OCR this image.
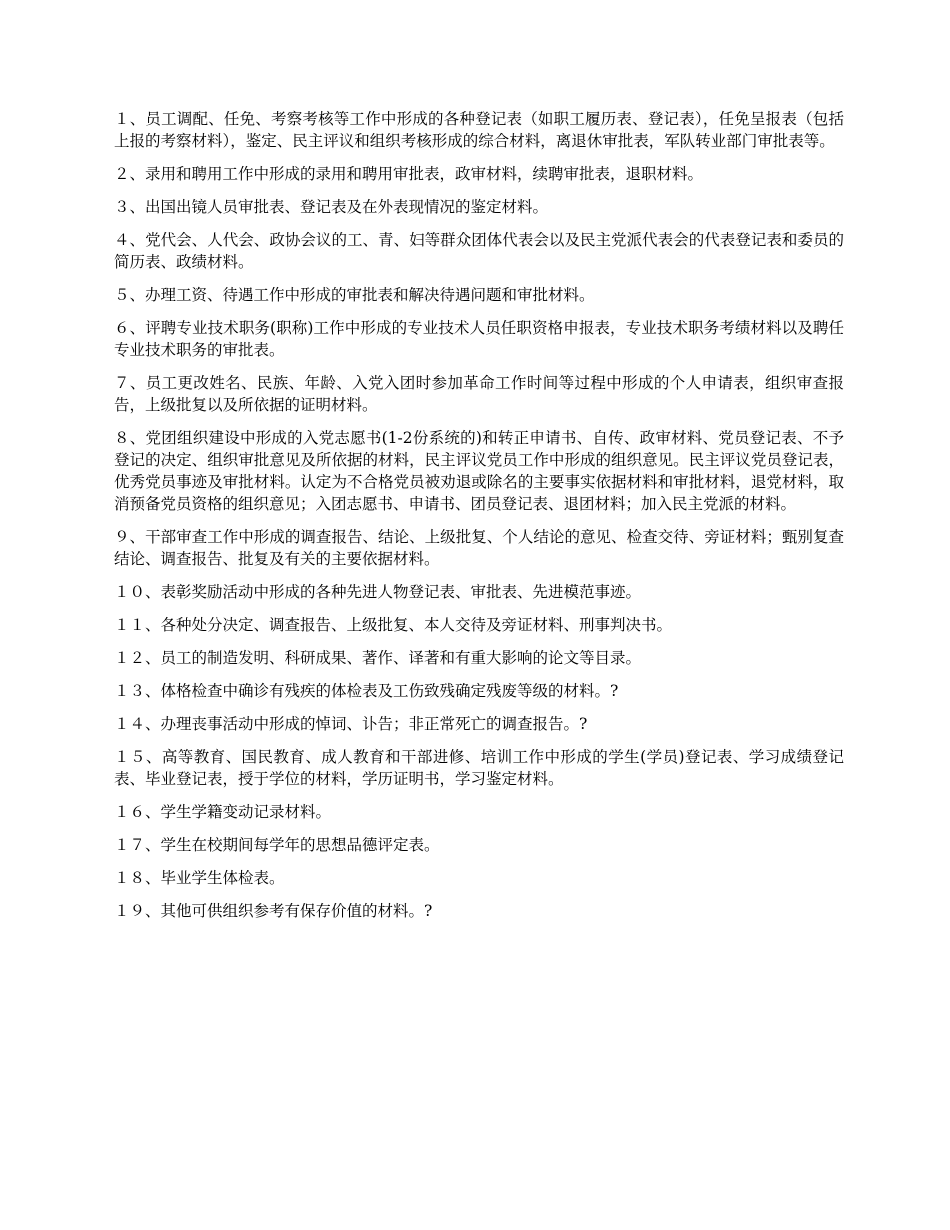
１、员工调配、任免、考察考核等工作中形成的各种登记表（如职工履历表、登记表），任免呈报表（包括上报的考察材料），鉴定、民主评议和组织考核形成的综合材料，离退休审批表，军队转业部门审批表等。

２、录用和聘用工作中形成的录用和聘用审批表，政审材料，续聘审批表，退职材料。

３、出国出镜人员审批表、登记表及在外表现情况的鉴定材料。

４、党代会、人代会、政协会议的工、青、妇等群众团体代表会以及民主党派代表会的代表登记表和委员的简历表、政绩材料。

５、办理工资、待遇工作中形成的审批表和解决待遇问题和审批材料。

６、评聘专业技术职务(职称)工作中形成的专业技术人员任职资格申报表，专业技术职务考绩材料以及聘任专业技术职务的审批表。

７、员工更改姓名、民族、年龄、入党入团时参加革命工作时间等过程中形成的个人申请表，组织审查报告，上级批复以及所依据的证明材料。

８、党团组织建设中形成的入党志愿书(1-2份系统的)和转正申请书、自传、政审材料、党员登记表、不予登记的决定、组织审批意见及所依据的材料，民主评议党员工作中形成的组织意见。民主评议党员登记表，优秀党员事迹及审批材料。认定为不合格党员被劝退或除名的主要事实依据材料和审批材料，退党材料，取消预备党员资格的组织意见；入团志愿书、申请书、团员登记表、退团材料；加入民主党派的材料。

９、干部审查工作中形成的调查报告、结论、上级批复、个人结论的意见、检查交待、旁证材料；甄别复查结论、调查报告、批复及有关的主要依据材料。

１０、表彰奖励活动中形成的各种先进人物登记表、审批表、先进模范事迹。

１１、各种处分决定、调查报告、上级批复、本人交待及旁证材料、刑事判决书。

１２、员工的制造发明、科研成果、著作、译著和有重大影响的论文等目录。

１３、体格检查中确诊有残疾的体检表及工伤致残确定残废等级的材料。?

１４、办理丧事活动中形成的悼词、讣告；非正常死亡的调查报告。?

１５、高等教育、国民教育、成人教育和干部进修、培训工作中形成的学生(学员)登记表、学习成绩登记表、毕业登记表，授于学位的材料，学历证明书，学习鉴定材料。

１６、学生学籍变动记录材料。

１７、学生在校期间每学年的思想品德评定表。

１８、毕业学生体检表。

１９、其他可供组织参考有保存价值的材料。?
